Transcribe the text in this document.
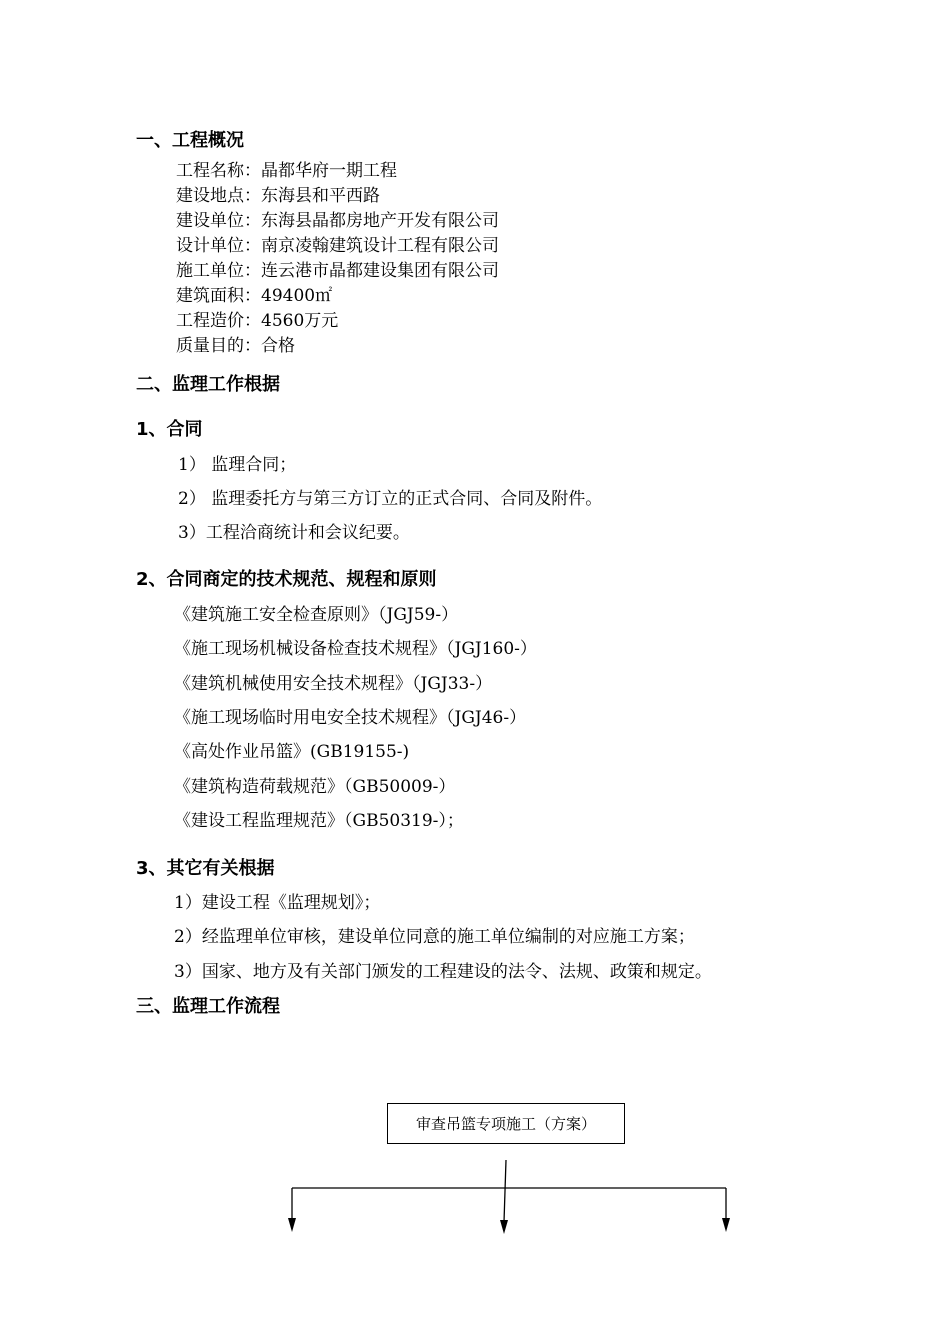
一、工程概况
工程名称：晶都华府一期工程
建设地点：东海县和平西路
建设单位：东海县晶都房地产开发有限公司
设计单位：南京凌翰建筑设计工程有限公司
施工单位：连云港市晶都建设集团有限公司
建筑面积：49400㎡
工程造价：4560万元
质量目的：合格
二、监理工作根据
1、合同
1） 监理合同；
2） 监理委托方与第三方订立的正式合同、合同及附件。
3）工程洽商统计和会议纪要。
2、合同商定的技术规范、规程和原则
《建筑施工安全检查原则》（JGJ59-）
《施工现场机械设备检查技术规程》（JGJ160-）
《建筑机械使用安全技术规程》（JGJ33-）
《施工现场临时用电安全技术规程》（JGJ46-）
《高处作业吊篮》(GB19155-)
《建筑构造荷载规范》（GB50009-）
《建设工程监理规范》（GB50319-）；
3、其它有关根据
1）建设工程《监理规划》；
2）经监理单位审核，建设单位同意的施工单位编制的对应施工方案；
3）国家、地方及有关部门颁发的工程建设的法令、法规、政策和规定。
三、监理工作流程
审查吊篮专项施工（方案）
